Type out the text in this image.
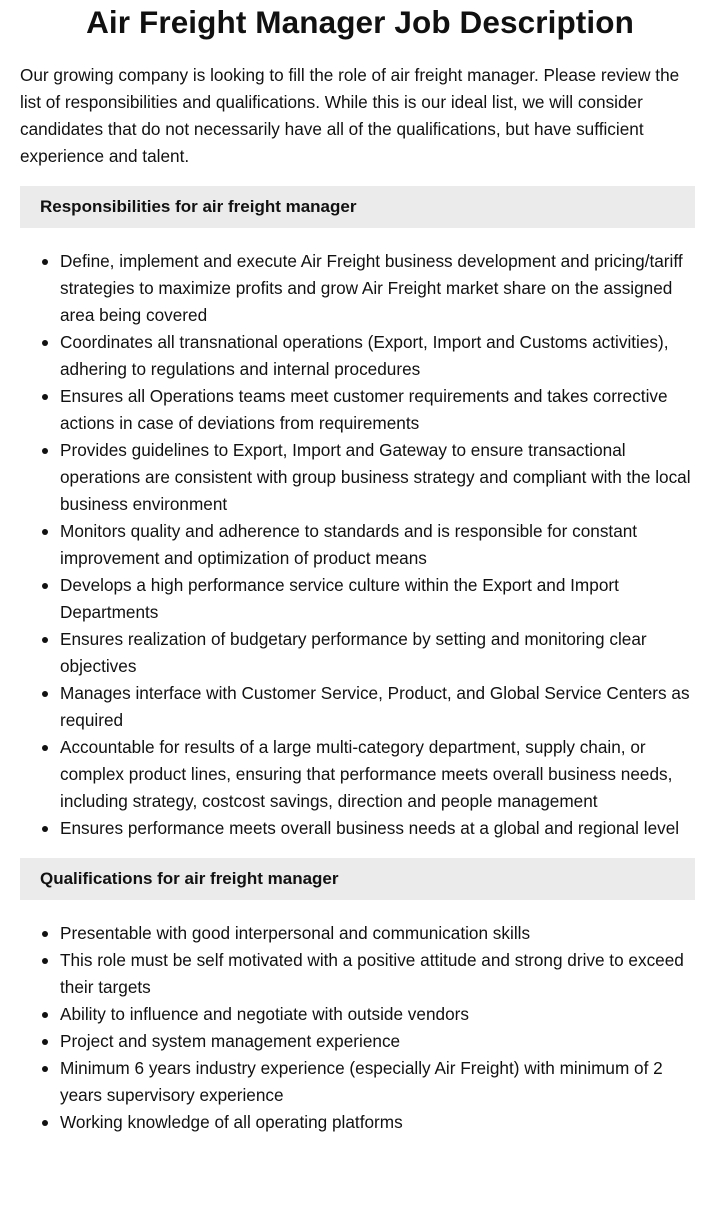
Air Freight Manager Job Description

Our growing company is looking to fill the role of air freight manager. Please review the list of responsibilities and qualifications. While this is our ideal list, we will consider candidates that do not necessarily have all of the qualifications, but have sufficient experience and talent.

Responsibilities for air freight manager
Define, implement and execute Air Freight business development and pricing/tariff strategies to maximize profits and grow Air Freight market share on the assigned area being covered
Coordinates all transnational operations (Export, Import and Customs activities), adhering to regulations and internal procedures
Ensures all Operations teams meet customer requirements and takes corrective actions in case of deviations from requirements
Provides guidelines to Export, Import and Gateway to ensure transactional operations are consistent with group business strategy and compliant with the local business environment
Monitors quality and adherence to standards and is responsible for constant improvement and optimization of product means
Develops a high performance service culture within the Export and Import Departments
Ensures realization of budgetary performance by setting and monitoring clear objectives
Manages interface with Customer Service, Product, and Global Service Centers as required
Accountable for results of a large multi-category department, supply chain, or complex product lines, ensuring that performance meets overall business needs, including strategy, costcost savings, direction and people management
Ensures performance meets overall business needs at a global and regional level
Qualifications for air freight manager
Presentable with good interpersonal and communication skills
This role must be self motivated with a positive attitude and strong drive to exceed their targets
Ability to influence and negotiate with outside vendors
Project and system management experience
Minimum 6 years industry experience (especially Air Freight) with minimum of 2 years supervisory experience
Working knowledge of all operating platforms
